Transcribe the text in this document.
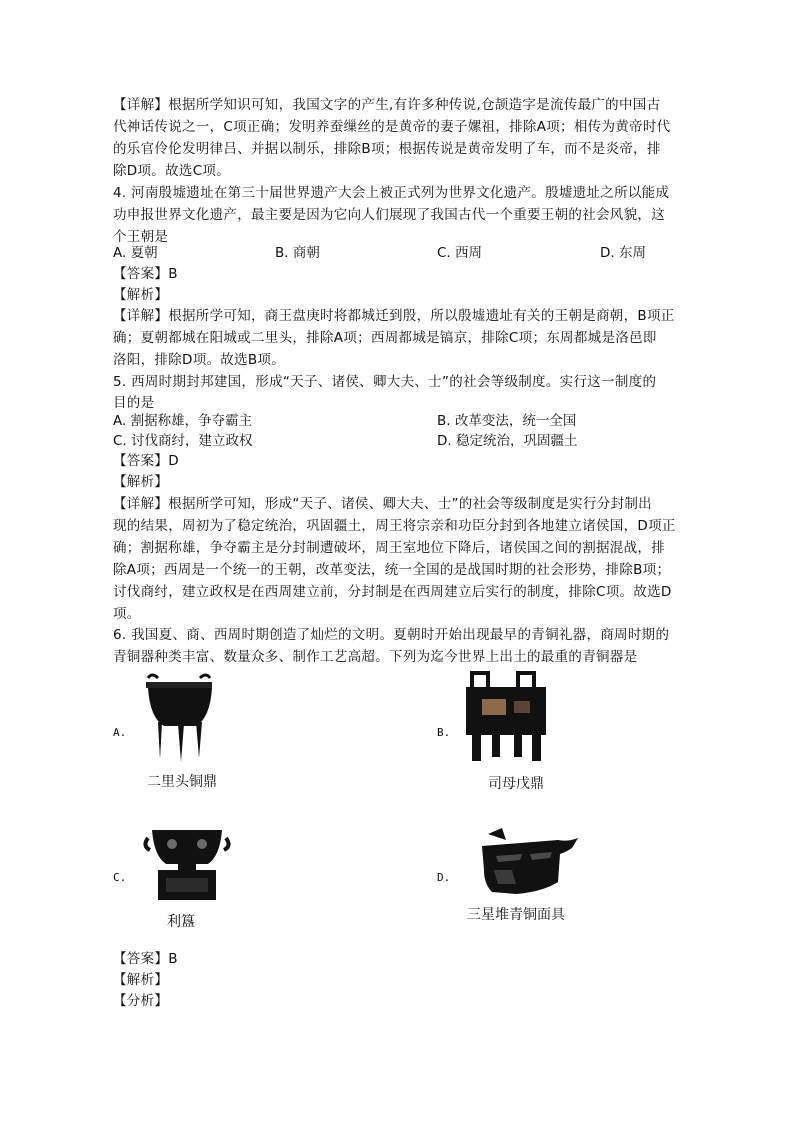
【详解】根据所学知识可知，我国文字的产生,有许多种传说,仓颉造字是流传最广的中国古
代神话传说之一，C项正确；发明养蚕缫丝的是黄帝的妻子嫘祖，排除A项；相传为黄帝时代
的乐官伶伦发明律吕、并据以制乐，排除B项；根据传说是黄帝发明了车，而不是炎帝，排
除D项。故选C项。
4. 河南殷墟遗址在第三十届世界遗产大会上被正式列为世界文化遗产。殷墟遗址之所以能成
功申报世界文化遗产，最主要是因为它向人们展现了我国古代一个重要王朝的社会风貌，这
个王朝是
A. 夏朝	B. 商朝	C. 西周	D. 东周
【答案】B
【解析】
【详解】根据所学可知，商王盘庚时将都城迁到殷，所以殷墟遗址有关的王朝是商朝，B项正
确；夏朝都城在阳城或二里头，排除A项；西周都城是镐京，排除C项；东周都城是洛邑即
洛阳，排除D项。故选B项。
5. 西周时期封邦建国，形成“天子、诸侯、卿大夫、士”的社会等级制度。实行这一制度的
目的是
A. 割据称雄，争夺霸主	B. 改革变法，统一全国
C. 讨伐商纣，建立政权	D. 稳定统治，巩固疆土
【答案】D
【解析】
【详解】根据所学可知，形成“天子、诸侯、卿大夫、士”的社会等级制度是实行分封制出
现的结果，周初为了稳定统治，巩固疆土，周王将宗亲和功臣分封到各地建立诸侯国，D项正
确；割据称雄，争夺霸主是分封制遭破坏，周王室地位下降后，诸侯国之间的割据混战，排
除A项；西周是一个统一的王朝，改革变法，统一全国的是战国时期的社会形势，排除B项；
讨伐商纣，建立政权是在西周建立前，分封制是在西周建立后实行的制度，排除C项。故选D
项。
6. 我国夏、商、西周时期创造了灿烂的文明。夏朝时开始出现最早的青铜礼器，商周时期的
青铜器种类丰富、数量众多、制作工艺高超。下列为迄今世界上出土的最重的青铜器是
A.
二里头铜鼎
B.
司母戊鼎
C.
利簋
D.
三星堆青铜面具
【答案】B
【解析】
【分析】
